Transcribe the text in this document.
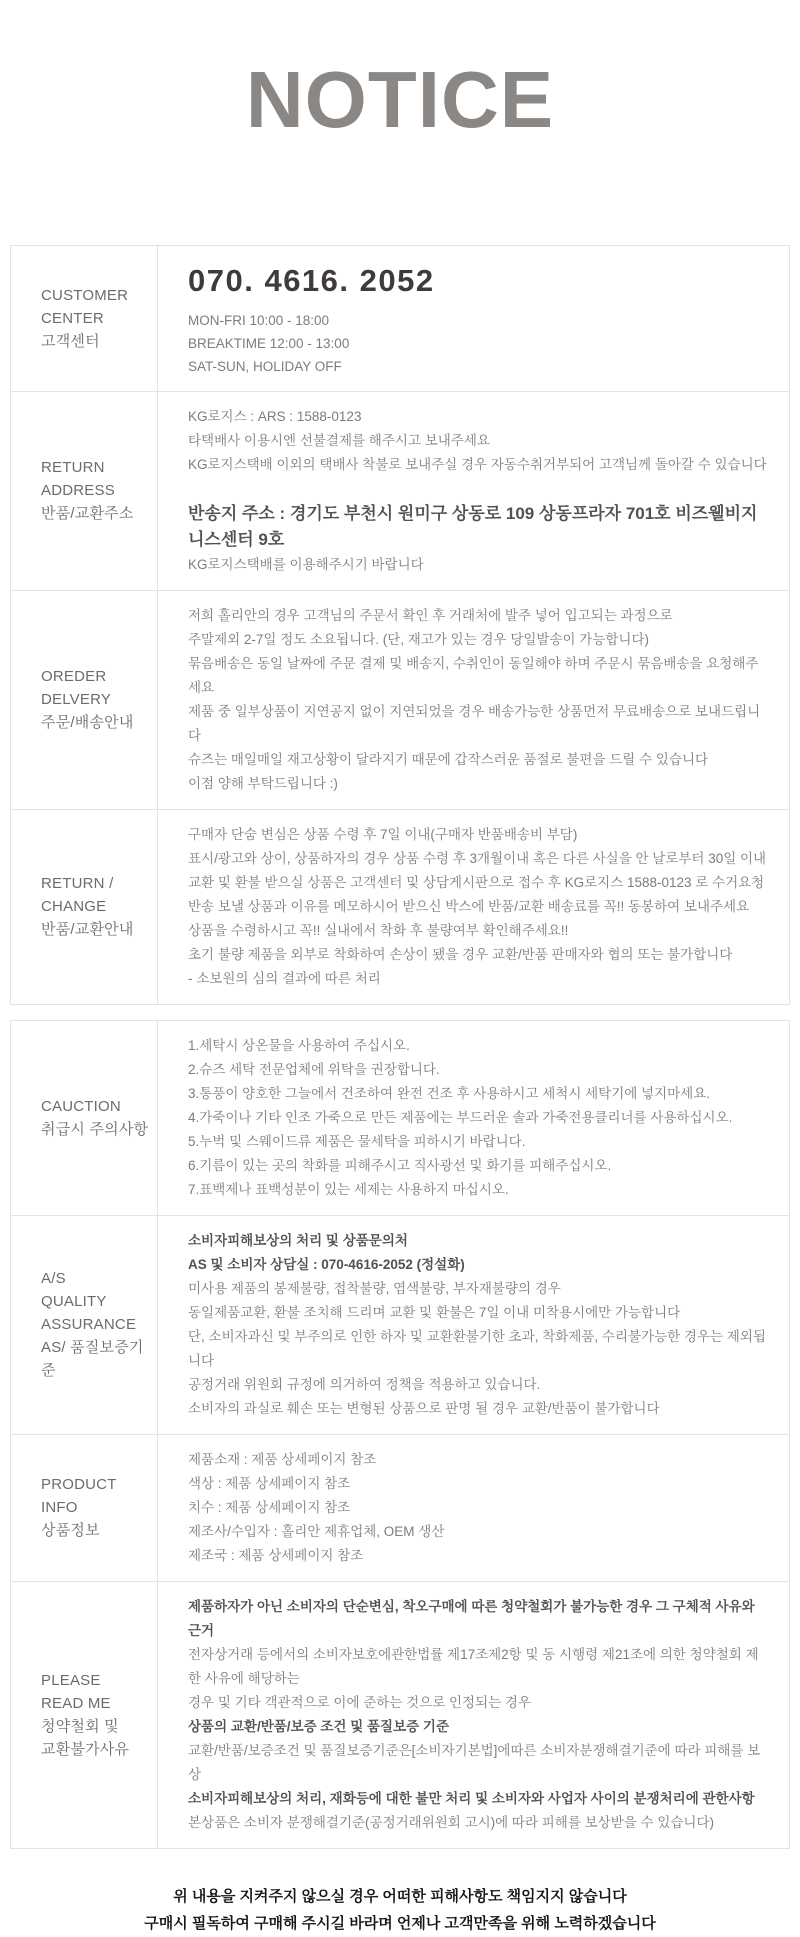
NOTICE
CUSTOMER CENTER
고객센터
070. 4616. 2052
MON-FRI 10:00 - 18:00
BREAKTIME 12:00 - 13:00
SAT-SUN, HOLIDAY OFF
RETURN ADDRESS
반품/교환주소
KG로지스 : ARS : 1588-0123
타택배사 이용시엔 선불결제를 해주시고 보내주세요
KG로지스택배 이외의 택배사 착불로 보내주실 경우 자동수취거부되어 고객님께 돌아갈 수 있습니다
반송지 주소 : 경기도 부천시 원미구 상동로 109 상동프라자 701호 비즈웰비지니스센터 9호
KG로지스택배를 이용해주시기 바랍니다
OREDER DELVERY
주문/배송안내
저희 홀리안의 경우 고객님의 주문서 확인 후 거래처에 발주 넣어 입고되는 과정으로
주말제외 2-7일 정도 소요됩니다. (단, 재고가 있는 경우 당일발송이 가능합니다)
묶음배송은 동일 날짜에 주문 결제 및 배송지, 수취인이 동일해야 하며 주문시 묶음배송을 요청해주세요
제품 중 일부상품이 지연공지 없이 지연되었을 경우 배송가능한 상품먼저 무료배송으로 보내드립니다
슈즈는 매일매일 재고상황이 달라지기 때문에 갑작스러운 품절로 불편을 드릴 수 있습니다
이점 양해 부탁드립니다 :)
RETURN / CHANGE
반품/교환안내
구매자 단숨 변심은 상품 수령 후 7일 이내(구매자 반품배송비 부담)
표시/광고와 상이, 상품하자의 경우 상품 수령 후 3개월이내 혹은 다른 사실을 안 날로부터 30일 이내
교환 및 환불 받으실 상품은 고객센터 및 상담게시판으로 접수 후 KG로지스 1588-0123 로 수거요청
반송 보낼 상품과 이유를 메모하시어 받으신 박스에 반품/교환 배송료를 꼭!! 동봉하여 보내주세요
상품을 수령하시고 꼭!! 실내에서 착화 후 불량여부 확인해주세요!!
초기 불량 제품을 외부로 착화하여 손상이 됐을 경우 교환/반품 판매자와 협의 또는 불가합니다
- 소보원의 심의 결과에 따른 처리
CAUCTION
취급시 주의사항
1.세탁시 상온물을 사용하여 주십시오.
2.슈즈 세탁 전문업체에 위탁을 권장합니다.
3.통풍이 양호한 그늘에서 건조하여 완전 건조 후 사용하시고 세척시 세탁기에 넣지마세요.
4.가죽이나 기타 인조 가죽으로 만든 제품에는 부드러운 솔과 가죽전용클리너를 사용하십시오.
5.누벅 및 스웨이드류 제품은 물세탁을 피하시기 바랍니다.
6.기름이 있는 곳의 착화를 피해주시고 직사광선 및 화기를 피해주십시오.
7.표백제나 표백성분이 있는 세제는 사용하지 마십시오.
A/S
QUALITY ASSURANCE
AS/ 품질보증기준
소비자피해보상의 처리 및 상품문의처
AS 및 소비자 상담실 : 070-4616-2052 (정설화)
미사용 제품의 봉제불량, 접착불량, 염색불량, 부자재불량의 경우
동일제품교환, 환불 조치해 드리며 교환 및 환불은 7일 이내 미착용시에만 가능합니다
단, 소비자과신 및 부주의로 인한 하자 및 교환환불기한 초과, 착화제품, 수리불가능한 경우는 제외됩니다
공정거래 위원회 규정에 의거하여 정책을 적용하고 있습니다.
소비자의 과실로 훼손 또는 변형된 상품으로 판명 될 경우 교환/반품이 불가합니다
PRODUCT
INFO
상품정보
제품소재 : 제품 상세페이지 참조
색상 : 제품 상세페이지 참조
치수 : 제품 상세페이지 참조
제조사/수입자 : 홀리안 제휴업체, OEM 생산
제조국 : 제품 상세페이지 참조
PLEASE
READ ME
청약철회 및
교환불가사유
제품하자가 아닌 소비자의 단순변심, 착오구매에 따른 청약철회가 불가능한 경우 그 구체적 사유와 근거
전자상거래 등에서의 소비자보호에관한법률 제17조제2항 및 동 시행령 제21조에 의한 청약철회 제한 사유에 해당하는
경우 및 기타 객관적으로 이에 준하는 것으로 인정되는 경우
상품의 교환/반품/보증 조건 및 품질보증 기준
교환/반품/보증조건 및 품질보증기준은[소비자기본법]에따른 소비자분쟁해결기준에 따라 피해를 보상
소비자피해보상의 처리, 재화등에 대한 불만 처리 및 소비자와 사업자 사이의 분쟁처리에 관한사항
본상품은 소비자 분쟁해결기준(공정거래위원회 고시)에 따라 피해를 보상받을 수 있습니다)
위 내용을 지켜주지 않으실 경우 어떠한 피해사항도 책임지지 않습니다
구매시 필독하여 구매해 주시길 바라며 언제나 고객만족을 위해 노력하겠습니다
